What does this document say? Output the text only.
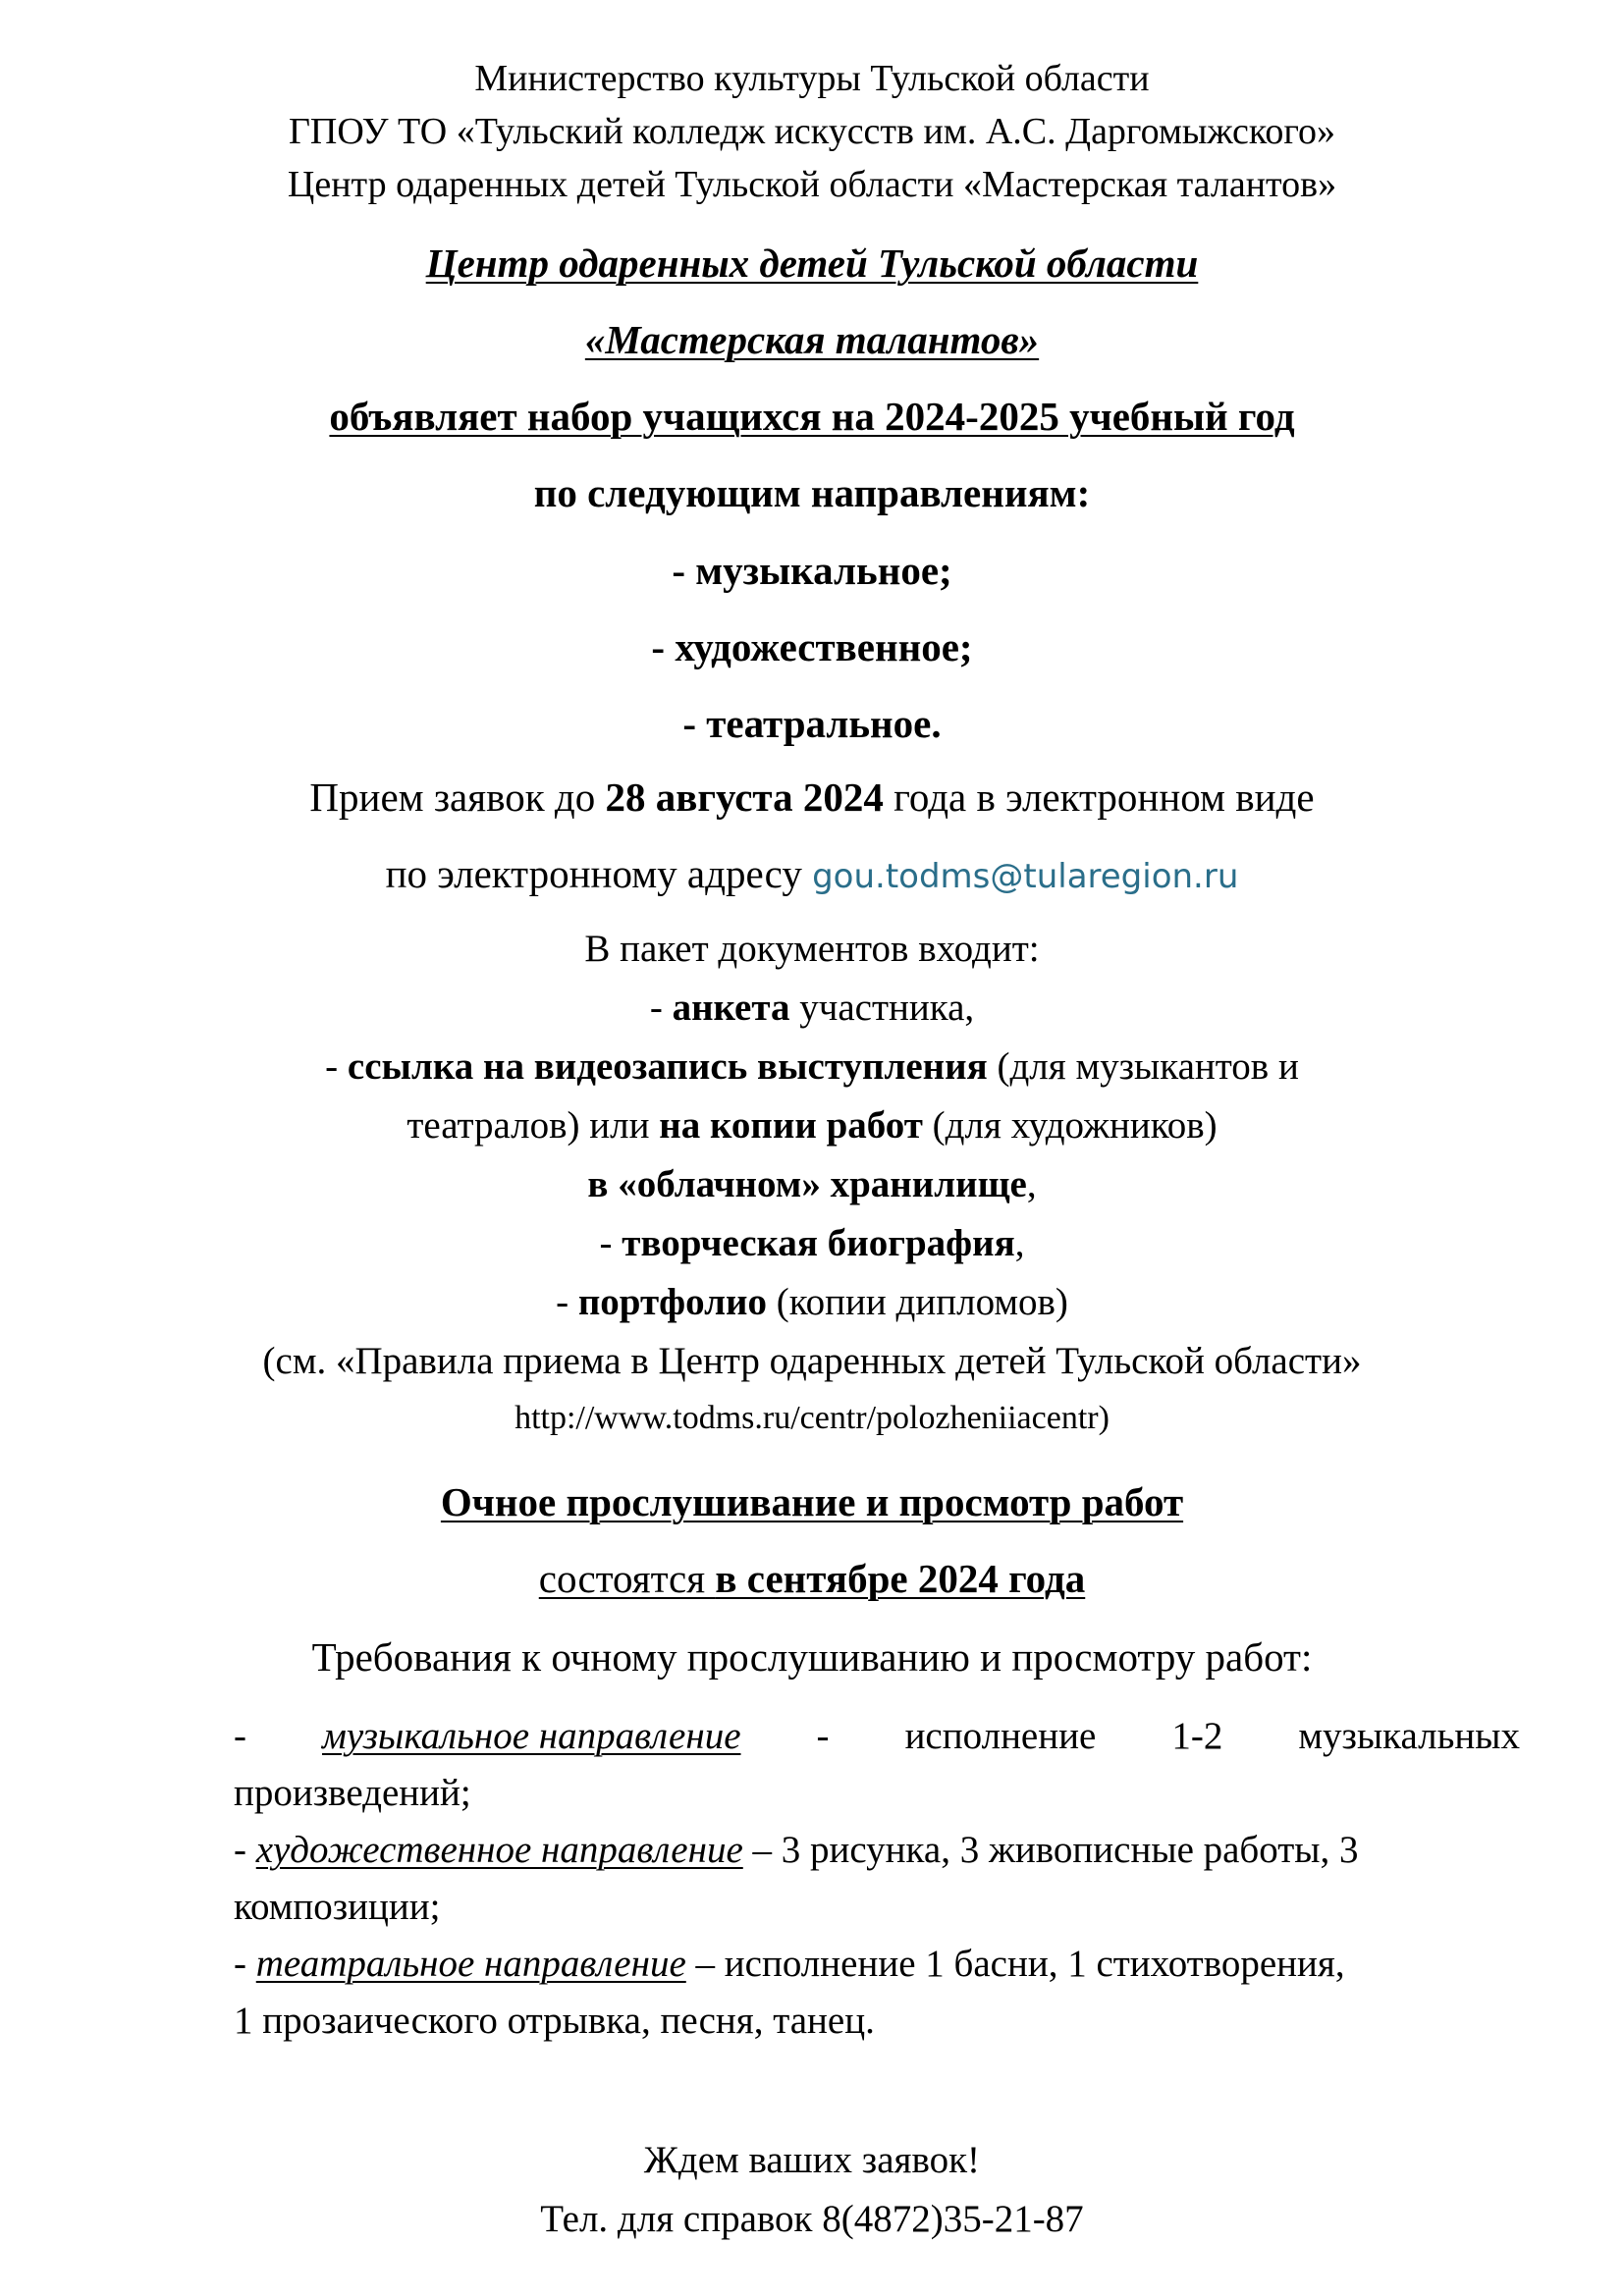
Министерство культуры Тульской области
ГПОУ ТО «Тульский колледж искусств им. А.С. Даргомыжского»
Центр одаренных детей Тульской области «Мастерская талантов»
Центр одаренных детей Тульской области
«Мастерская талантов»
объявляет набор учащихся на 2024-2025 учебный год
по следующим направлениям:
- музыкальное;
- художественное;
- театральное.
Прием заявок до 28 августа 2024 года в электронном виде
по электронному адресу gou.todms@tularegion.ru
В пакет документов входит:
- анкета участника,
- ссылка на видеозапись выступления (для музыкантов и
театралов) или на копии работ (для художников)
в «облачном» хранилище,
- творческая биография,
- портфолио (копии дипломов)
(см. «Правила приема в Центр одаренных детей Тульской области»
http://www.todms.ru/centr/polozheniiacentr)
Очное прослушивание и просмотр работ
состоятся в сентябре 2024 года
Требования к очному прослушиванию и просмотру работ:
- музыкальное направление - исполнение 1-2 музыкальных
произведений;
- художественное направление – 3 рисунка, 3 живописные работы, 3
композиции;
- театральное направление – исполнение 1 басни, 1 стихотворения,
1 прозаического отрывка, песня, танец.
Ждем ваших заявок!
Тел. для справок 8(4872)35-21-87
